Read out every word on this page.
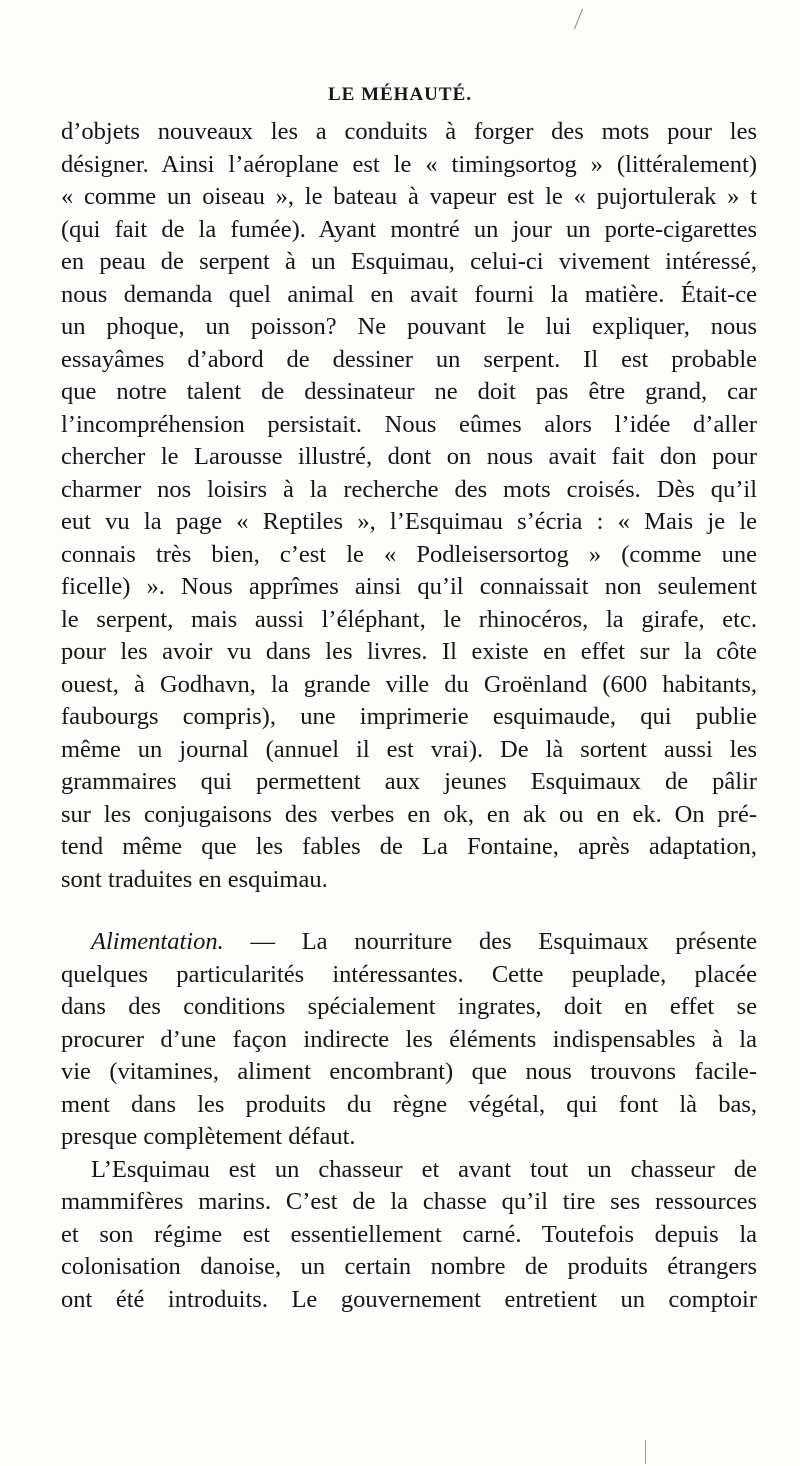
LE MÉHAUTÉ.
d’objets nouveaux les a conduits à forger des mots pour les
désigner. Ainsi l’aéroplane est le « timingsortog » (littéralement)
« comme un oiseau », le bateau à vapeur est le « pujortulerak » t
(qui fait de la fumée). Ayant montré un jour un porte-cigarettes
en peau de serpent à un Esquimau, celui-ci vivement intéressé,
nous demanda quel animal en avait fourni la matière. Était-ce
un phoque, un poisson? Ne pouvant le lui expliquer, nous
essayâmes d’abord de dessiner un serpent. Il est probable
que notre talent de dessinateur ne doit pas être grand, car
l’incompréhension persistait. Nous eûmes alors l’idée d’aller
chercher le Larousse illustré, dont on nous avait fait don pour
charmer nos loisirs à la recherche des mots croisés. Dès qu’il
eut vu la page « Reptiles », l’Esquimau s’écria : « Mais je le
connais très bien, c’est le « Podleisersortog » (comme une
ficelle) ». Nous apprîmes ainsi qu’il connaissait non seulement
le serpent, mais aussi l’éléphant, le rhinocéros, la girafe, etc.
pour les avoir vu dans les livres. Il existe en effet sur la côte
ouest, à Godhavn, la grande ville du Groënland (600 habitants,
faubourgs compris), une imprimerie esquimaude, qui publie
même un journal (annuel il est vrai). De là sortent aussi les
grammaires qui permettent aux jeunes Esquimaux de pâlir
sur les conjugaisons des verbes en ok, en ak ou en ek. On pré-
tend même que les fables de La Fontaine, après adaptation,
sont traduites en esquimau.
Alimentation. — La nourriture des Esquimaux présente
quelques particularités intéressantes. Cette peuplade, placée
dans des conditions spécialement ingrates, doit en effet se
procurer d’une façon indirecte les éléments indispensables à la
vie (vitamines, aliment encombrant) que nous trouvons facile-
ment dans les produits du règne végétal, qui font là bas,
presque complètement défaut.
L’Esquimau est un chasseur et avant tout un chasseur de
mammifères marins. C’est de la chasse qu’il tire ses ressources
et son régime est essentiellement carné. Toutefois depuis la
colonisation danoise, un certain nombre de produits étrangers
ont été introduits. Le gouvernement entretient un comptoir
